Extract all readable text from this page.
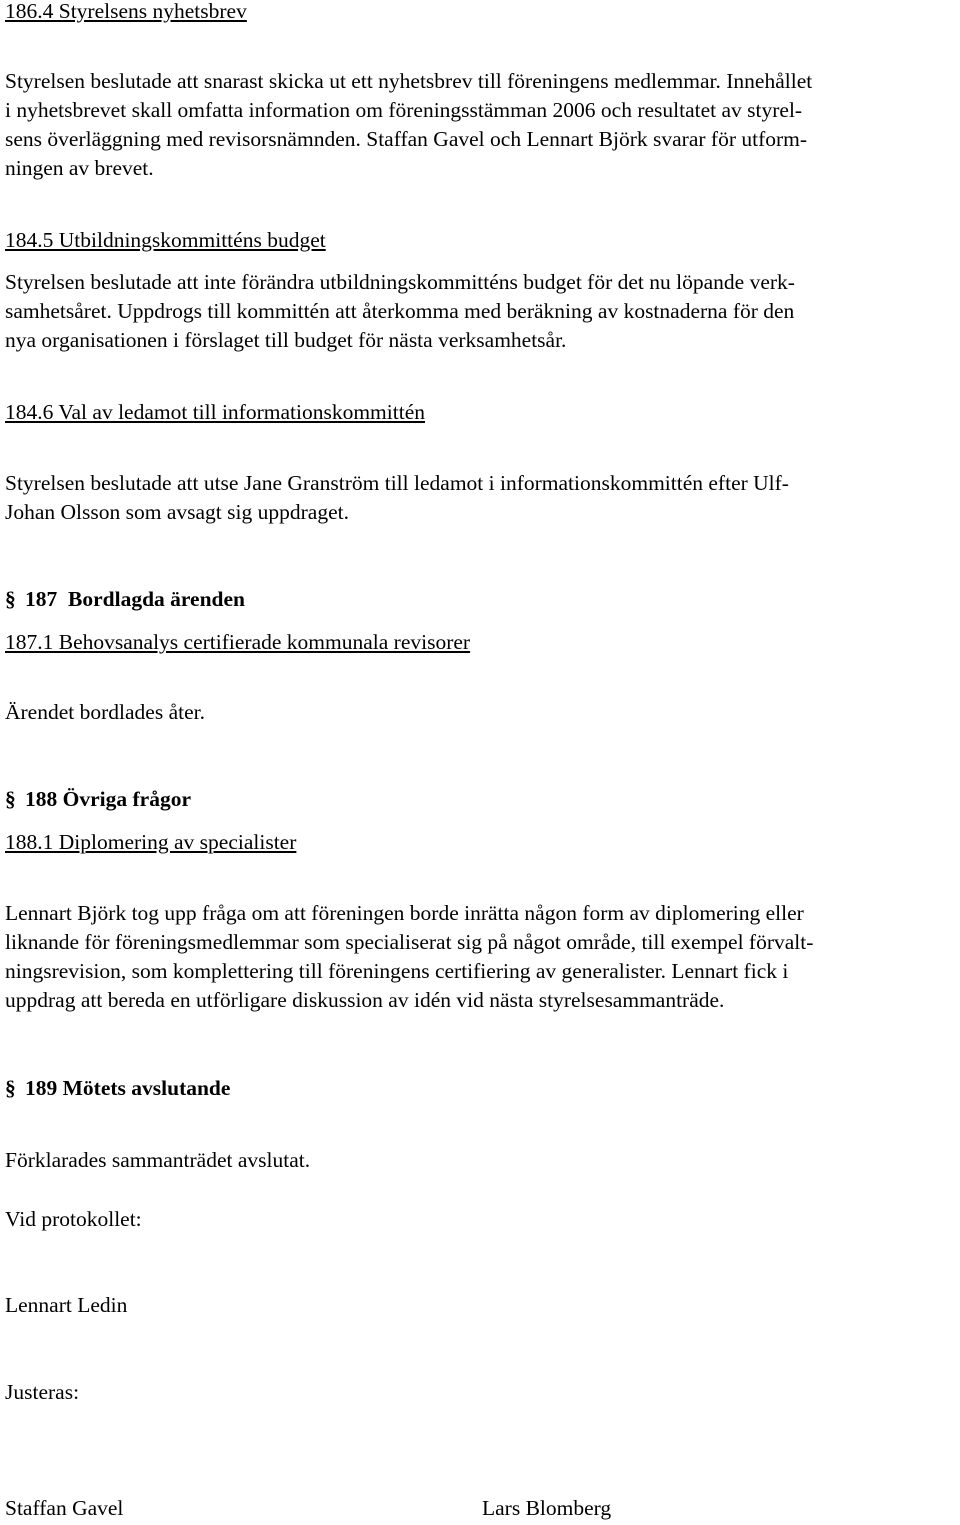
186.4 Styrelsens nyhetsbrev
Styrelsen beslutade att snarast skicka ut ett nyhetsbrev till föreningens medlemmar. Innehållet
i nyhetsbrevet skall omfatta information om föreningsstämman 2006 och resultatet av styrel-
sens överläggning med revisorsnämnden. Staffan Gavel och Lennart Björk svarar för utform-
ningen av brevet.
184.5 Utbildningskommitténs budget
Styrelsen beslutade att inte förändra utbildningskommitténs budget för det nu löpande verk-
samhetsåret. Uppdrogs till kommittén att återkomma med beräkning av kostnaderna för den
nya organisationen i förslaget till budget för nästa verksamhetsår.
184.6 Val av ledamot till informationskommittén
Styrelsen beslutade att utse Jane Granström till ledamot i informationskommittén efter Ulf-
Johan Olsson som avsagt sig uppdraget.
§ 187  Bordlagda ärenden
187.1 Behovsanalys certifierade kommunala revisorer
Ärendet bordlades åter.
§ 188 Övriga frågor
188.1 Diplomering av specialister
Lennart Björk tog upp fråga om att föreningen borde inrätta någon form av diplomering eller
liknande för föreningsmedlemmar som specialiserat sig på något område, till exempel förvalt-
ningsrevision, som komplettering till föreningens certifiering av generalister. Lennart fick i
uppdrag att bereda en utförligare diskussion av idén vid nästa styrelsesammanträde.
§ 189 Mötets avslutande
Förklarades sammanträdet avslutat.
Vid protokollet:
Lennart Ledin
Justeras:
Staffan Gavel	Lars Blomberg
